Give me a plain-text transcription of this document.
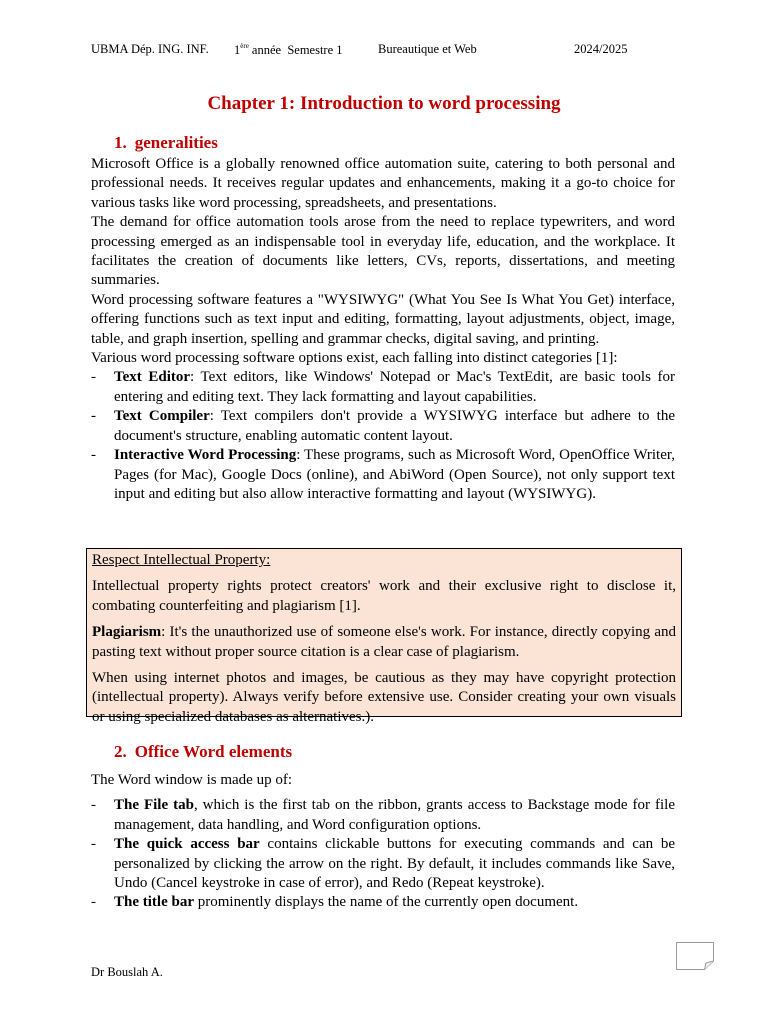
UBMA Dép. ING. INF. 1ère année  Semestre 1	Bureautique et Web	2024/2025
Chapter 1: Introduction to word processing
1. generalities

Microsoft Office is a globally renowned office automation suite, catering to both personal and professional needs. It receives regular updates and enhancements, making it a go-to choice for various tasks like word processing, spreadsheets, and presentations.

The demand for office automation tools arose from the need to replace typewriters, and word processing emerged as an indispensable tool in everyday life, education, and the workplace. It facilitates the creation of documents like letters, CVs, reports, dissertations, and meeting summaries.

Word processing software features a "WYSIWYG" (What You See Is What You Get) interface, offering functions such as text input and editing, formatting, layout adjustments, object, image, table, and graph insertion, spelling and grammar checks, digital saving, and printing.

Various word processing software options exist, each falling into distinct categories [1]:

- Text Editor: Text editors, like Windows' Notepad or Mac's TextEdit, are basic tools for entering and editing text. They lack formatting and layout capabilities.
- Text Compiler: Text compilers don't provide a WYSIWYG interface but adhere to the document's structure, enabling automatic content layout.
- Interactive Word Processing: These programs, such as Microsoft Word, OpenOffice Writer, Pages (for Mac), Google Docs (online), and AbiWord (Open Source), not only support text input and editing but also allow interactive formatting and layout (WYSIWYG).

Respect Intellectual Property:

Intellectual property rights protect creators' work and their exclusive right to disclose it, combating counterfeiting and plagiarism [1].

Plagiarism: It's the unauthorized use of someone else's work. For instance, directly copying and pasting text without proper source citation is a clear case of plagiarism.

When using internet photos and images, be cautious as they may have copyright protection (intellectual property). Always verify before extensive use. Consider creating your own visuals or using specialized databases as alternatives.).

2. Office Word elements

The Word window is made up of:

- The File tab, which is the first tab on the ribbon, grants access to Backstage mode for file management, data handling, and Word configuration options.
- The quick access bar contains clickable buttons for executing commands and can be personalized by clicking the arrow on the right. By default, it includes commands like Save, Undo (Cancel keystroke in case of error), and Redo (Repeat keystroke).
- The title bar prominently displays the name of the currently open document.
Dr Bouslah A.
